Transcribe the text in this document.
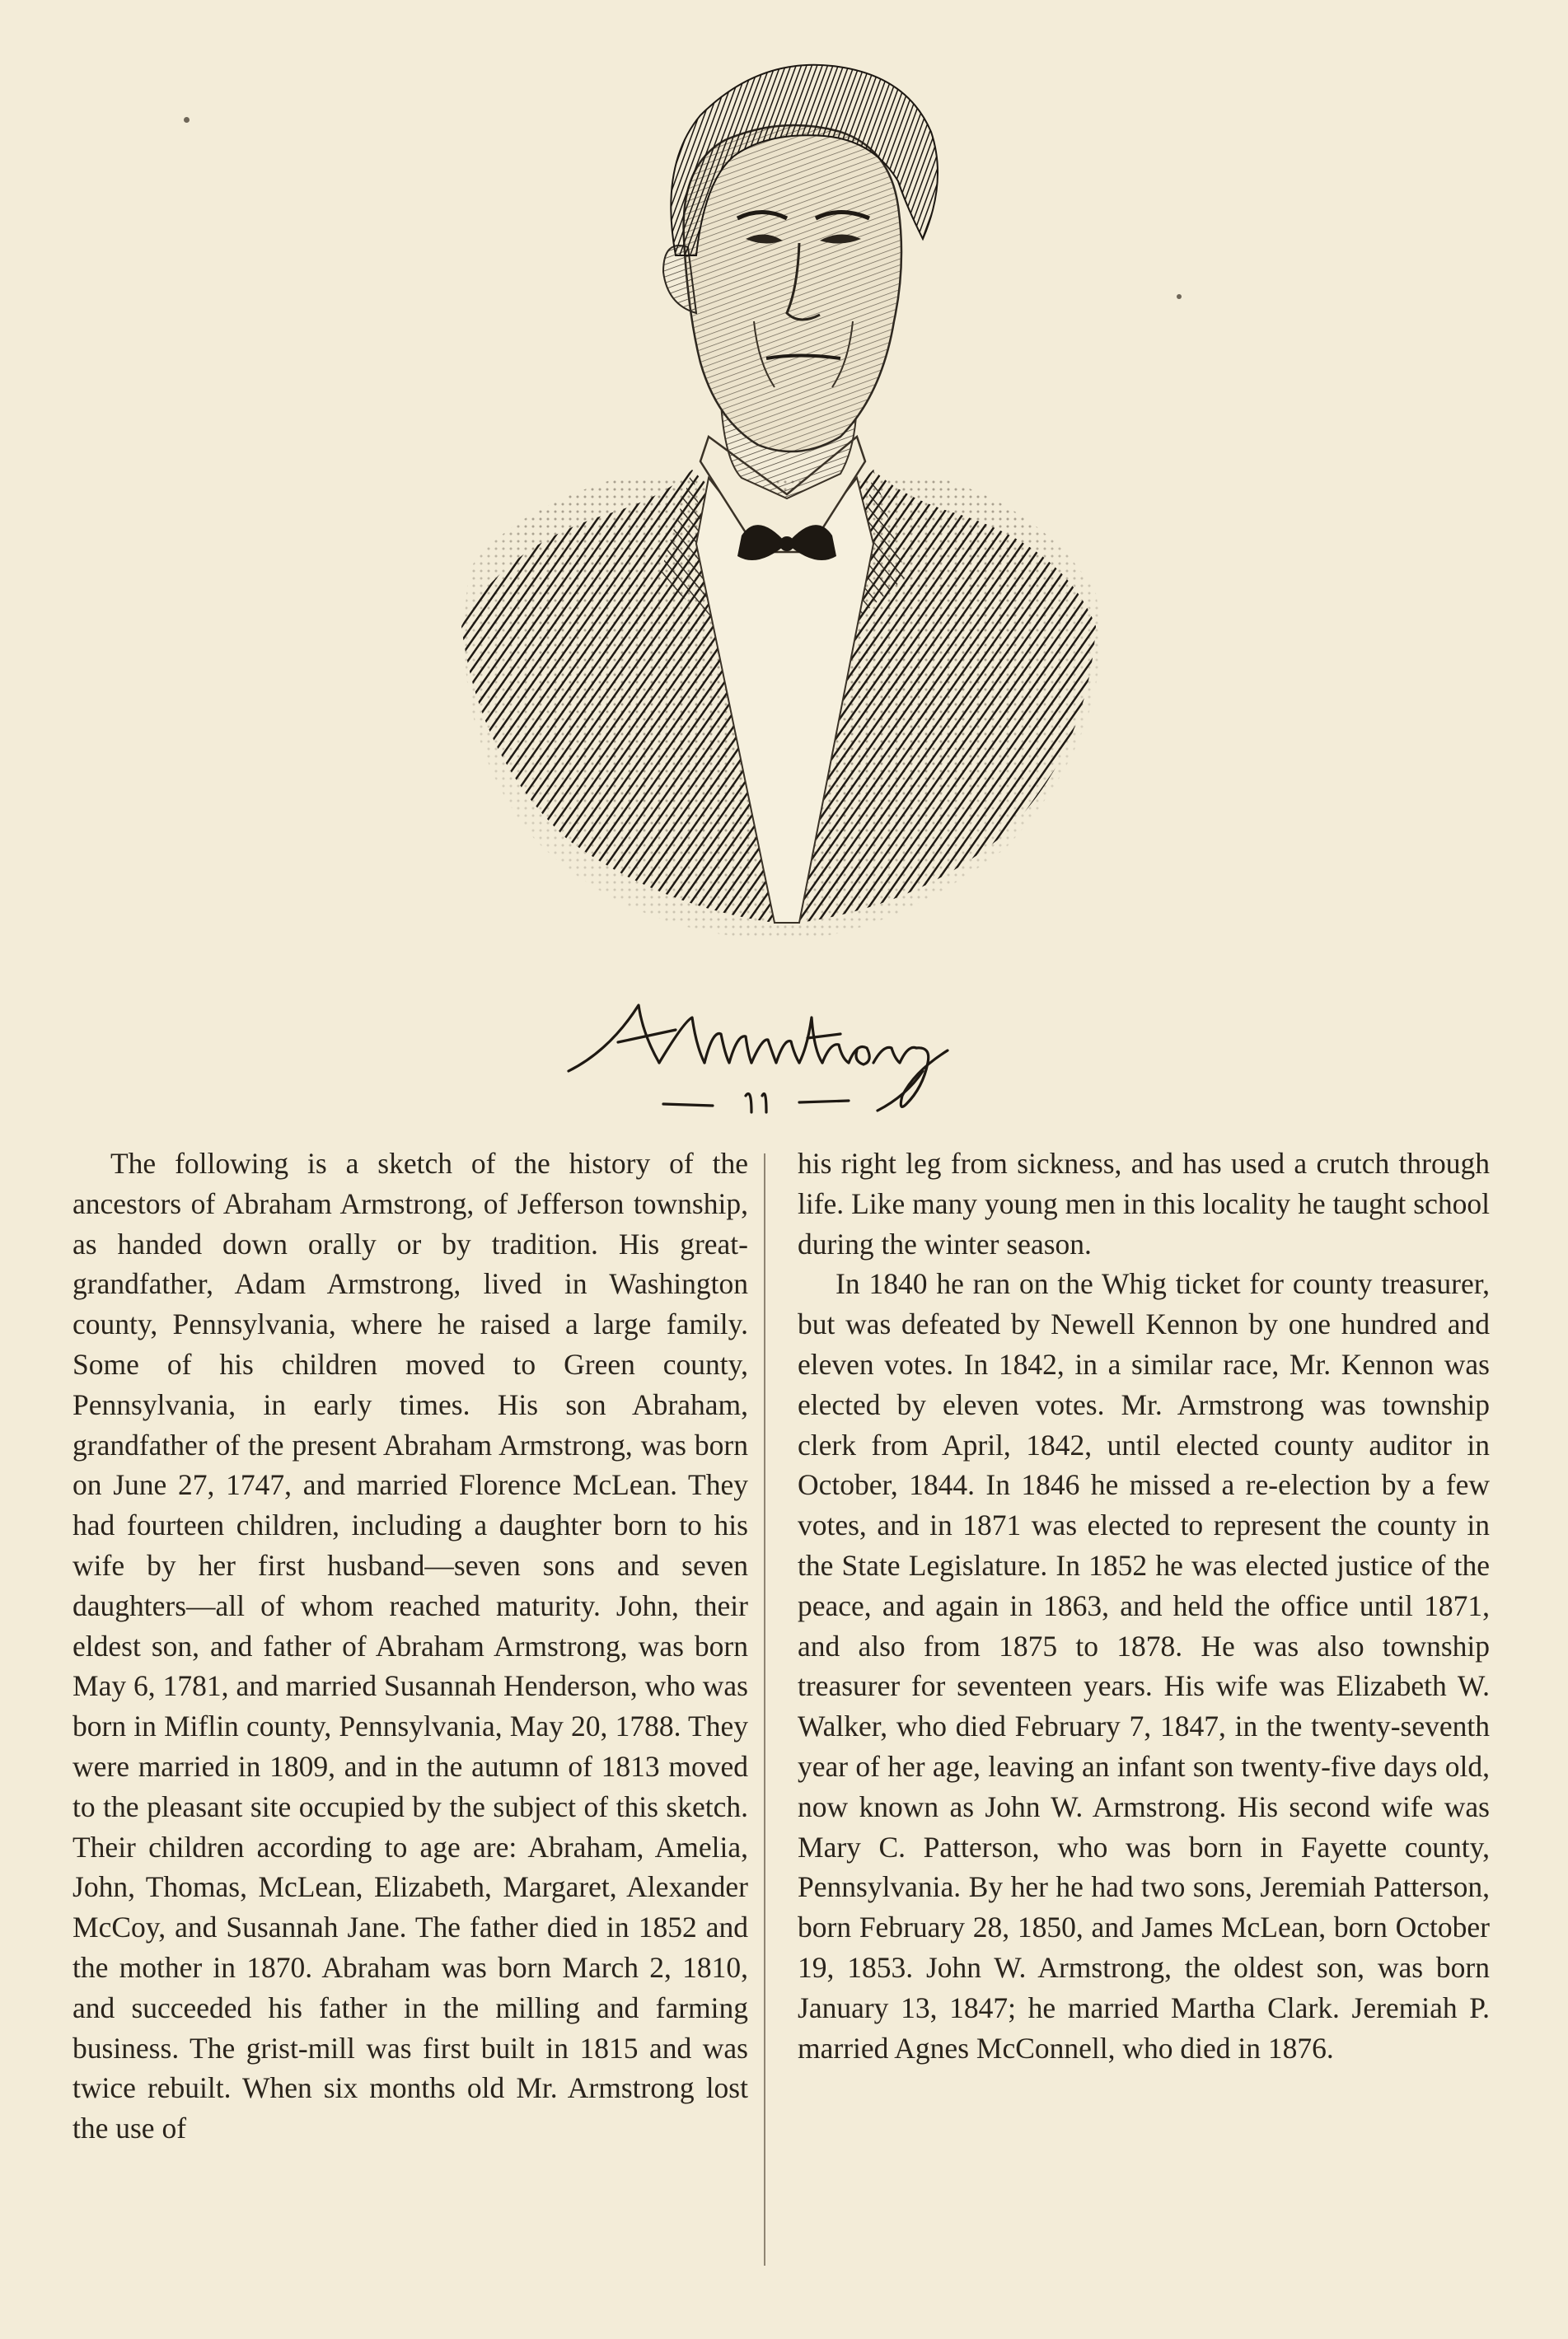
The following is a sketch of the history of the ancestors of Abraham Armstrong, of Jefferson township, as handed down orally or by tradition. His great-grandfather, Adam Armstrong, lived in Washington county, Pennsylvania, where he raised a large family. Some of his children moved to Green county, Pennsylvania, in early times. His son Abraham, grandfather of the present Abraham Armstrong, was born on June 27, 1747, and married Florence McLean. They had fourteen children, including a daughter born to his wife by her first husband—seven sons and seven daughters—all of whom reached maturity. John, their eldest son, and father of Abraham Armstrong, was born May 6, 1781, and married Susannah Henderson, who was born in Miflin county, Pennsylvania, May 20, 1788. They were married in 1809, and in the autumn of 1813 moved to the pleasant site occupied by the subject of this sketch. Their children according to age are: Abraham, Amelia, John, Thomas, McLean, Elizabeth, Margaret, Alexander McCoy, and Susannah Jane. The father died in 1852 and the mother in 1870. Abraham was born March 2, 1810, and succeeded his father in the milling and farming business. The grist-mill was first built in 1815 and was twice rebuilt. When six months old Mr. Armstrong lost the use of

his right leg from sickness, and has used a crutch through life. Like many young men in this locality he taught school during the winter season.

In 1840 he ran on the Whig ticket for county treasurer, but was defeated by Newell Kennon by one hundred and eleven votes. In 1842, in a similar race, Mr. Kennon was elected by eleven votes. Mr. Armstrong was township clerk from April, 1842, until elected county auditor in October, 1844. In 1846 he missed a re-election by a few votes, and in 1871 was elected to represent the county in the State Legislature. In 1852 he was elected justice of the peace, and again in 1863, and held the office until 1871, and also from 1875 to 1878. He was also township treasurer for seventeen years. His wife was Elizabeth W. Walker, who died February 7, 1847, in the twenty-seventh year of her age, leaving an infant son twenty-five days old, now known as John W. Armstrong. His second wife was Mary C. Patterson, who was born in Fayette county, Pennsylvania. By her he had two sons, Jeremiah Patterson, born February 28, 1850, and James McLean, born October 19, 1853. John W. Armstrong, the oldest son, was born January 13, 1847; he married Martha Clark. Jeremiah P. married Agnes McConnell, who died in 1876.
